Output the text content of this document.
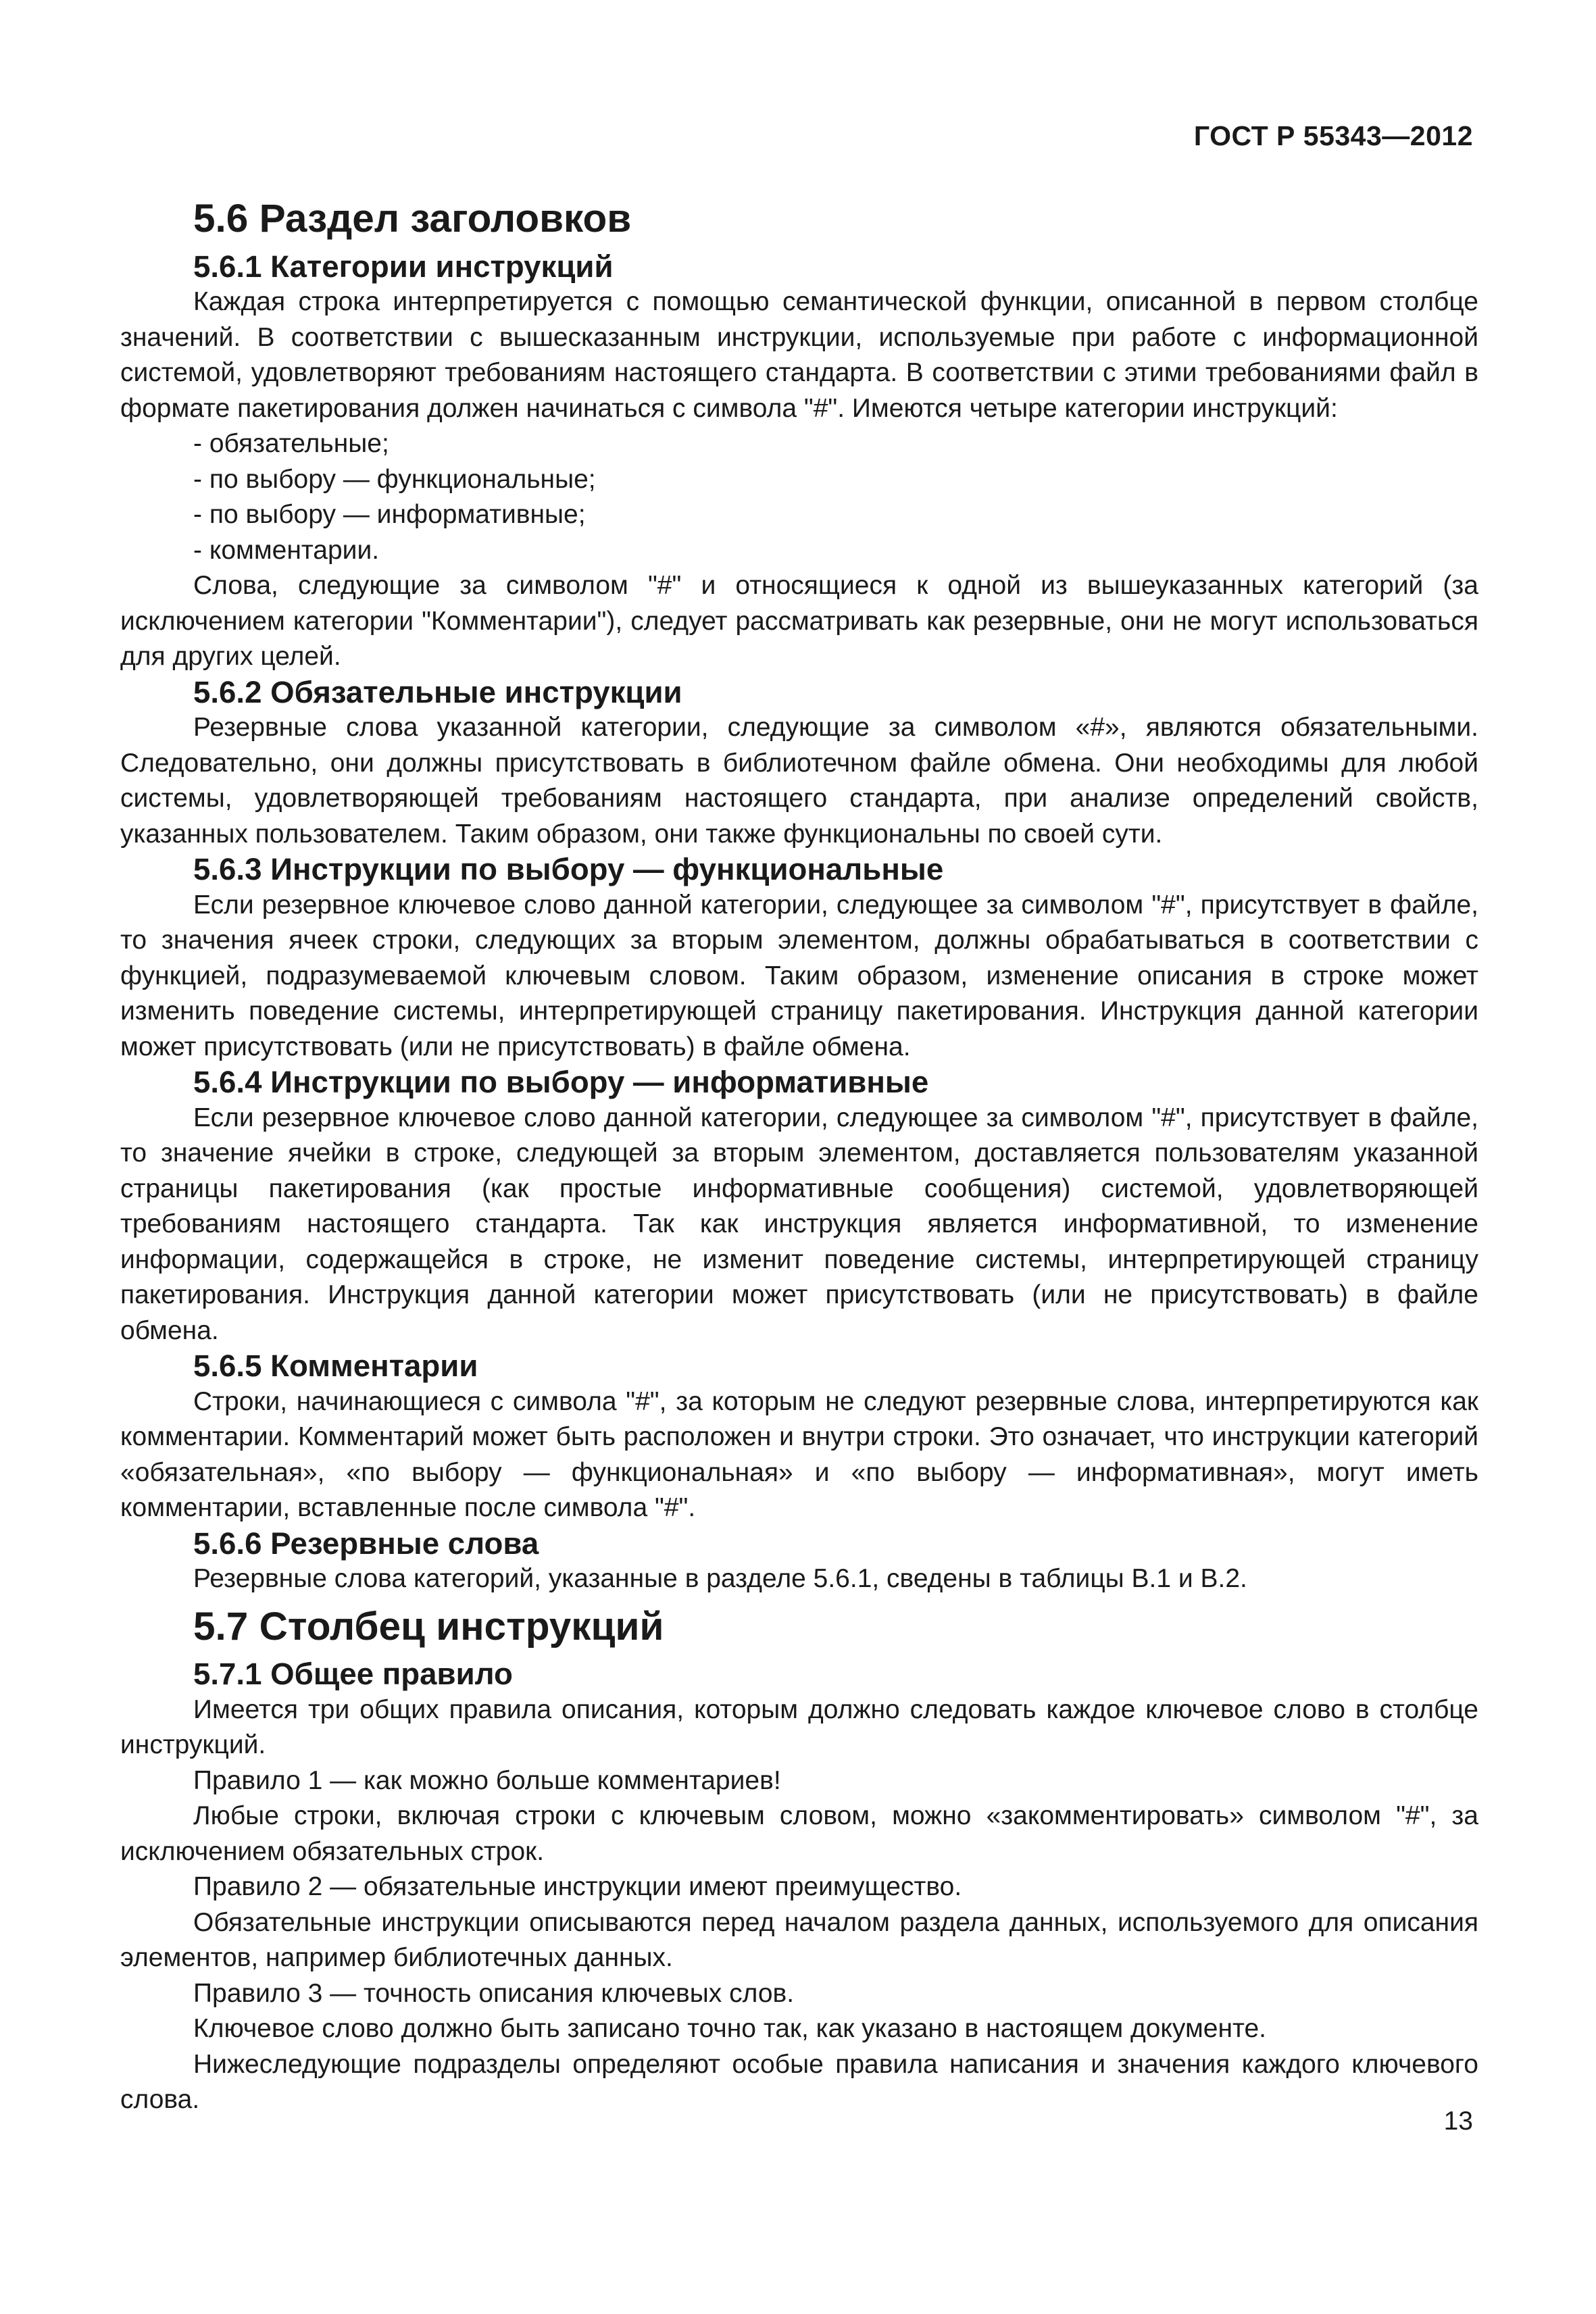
ГОСТ Р 55343—2012
5.6 Раздел заголовков
5.6.1 Категории инструкций

Каждая строка интерпретируется с помощью семантической функции, описанной в первом столбце значений. В соответствии с вышесказанным инструкции, используемые при работе с информационной системой, удовлетворяют требованиям настоящего стандарта. В соответствии с этими требованиями файл в формате пакетирования должен начинаться с символа "#". Имеются четыре категории инструкций:

- обязательные;
- по выбору — функциональные;
- по выбору — информативные;
- комментарии.

Слова, следующие за символом "#" и относящиеся к одной из вышеуказанных категорий (за исключением категории "Комментарии"), следует рассматривать как резервные, они не могут использоваться для других целей.

5.6.2 Обязательные инструкции

Резервные слова указанной категории, следующие за символом «#», являются обязательными. Следовательно, они должны присутствовать в библиотечном файле обмена. Они необходимы для любой системы, удовлетворяющей требованиям настоящего стандарта, при анализе определений свойств, указанных пользователем. Таким образом, они также функциональны по своей сути.

5.6.3 Инструкции по выбору — функциональные

Если резервное ключевое слово данной категории, следующее за символом "#", присутствует в файле, то значения ячеек строки, следующих за вторым элементом, должны обрабатываться в соответствии с функцией, подразумеваемой ключевым словом. Таким образом, изменение описания в строке может изменить поведение системы, интерпретирующей страницу пакетирования. Инструкция данной категории может присутствовать (или не присутствовать) в файле обмена.

5.6.4 Инструкции по выбору — информативные

Если резервное ключевое слово данной категории, следующее за символом "#", присутствует в файле, то значение ячейки в строке, следующей за вторым элементом, доставляется пользователям указанной страницы пакетирования (как простые информативные сообщения) системой, удовлетворяющей требованиям настоящего стандарта. Так как инструкция является информативной, то изменение информации, содержащейся в строке, не изменит поведение системы, интерпретирующей страницу пакетирования. Инструкция данной категории может присутствовать (или не присутствовать) в файле обмена.

5.6.5 Комментарии

Строки, начинающиеся с символа "#", за которым не следуют резервные слова, интерпретируются как комментарии. Комментарий может быть расположен и внутри строки. Это означает, что инструкции категорий «обязательная», «по выбору — функциональная» и «по выбору — информативная», могут иметь комментарии, вставленные после символа "#".

5.6.6 Резервные слова

Резервные слова категорий, указанные в разделе 5.6.1, сведены в таблицы В.1 и В.2.

5.7 Столбец инструкций
5.7.1 Общее правило

Имеется три общих правила описания, которым должно следовать каждое ключевое слово в столбце инструкций.

Правило 1 — как можно больше комментариев!

Любые строки, включая строки с ключевым словом, можно «закомментировать» символом "#", за исключением обязательных строк.

Правило 2 — обязательные инструкции имеют преимущество.

Обязательные инструкции описываются перед началом раздела данных, используемого для описания элементов, например библиотечных данных.

Правило 3 — точность описания ключевых слов.

Ключевое слово должно быть записано точно так, как указано в настоящем документе.

Нижеследующие подразделы определяют особые правила написания и значения каждого ключевого слова.

13
